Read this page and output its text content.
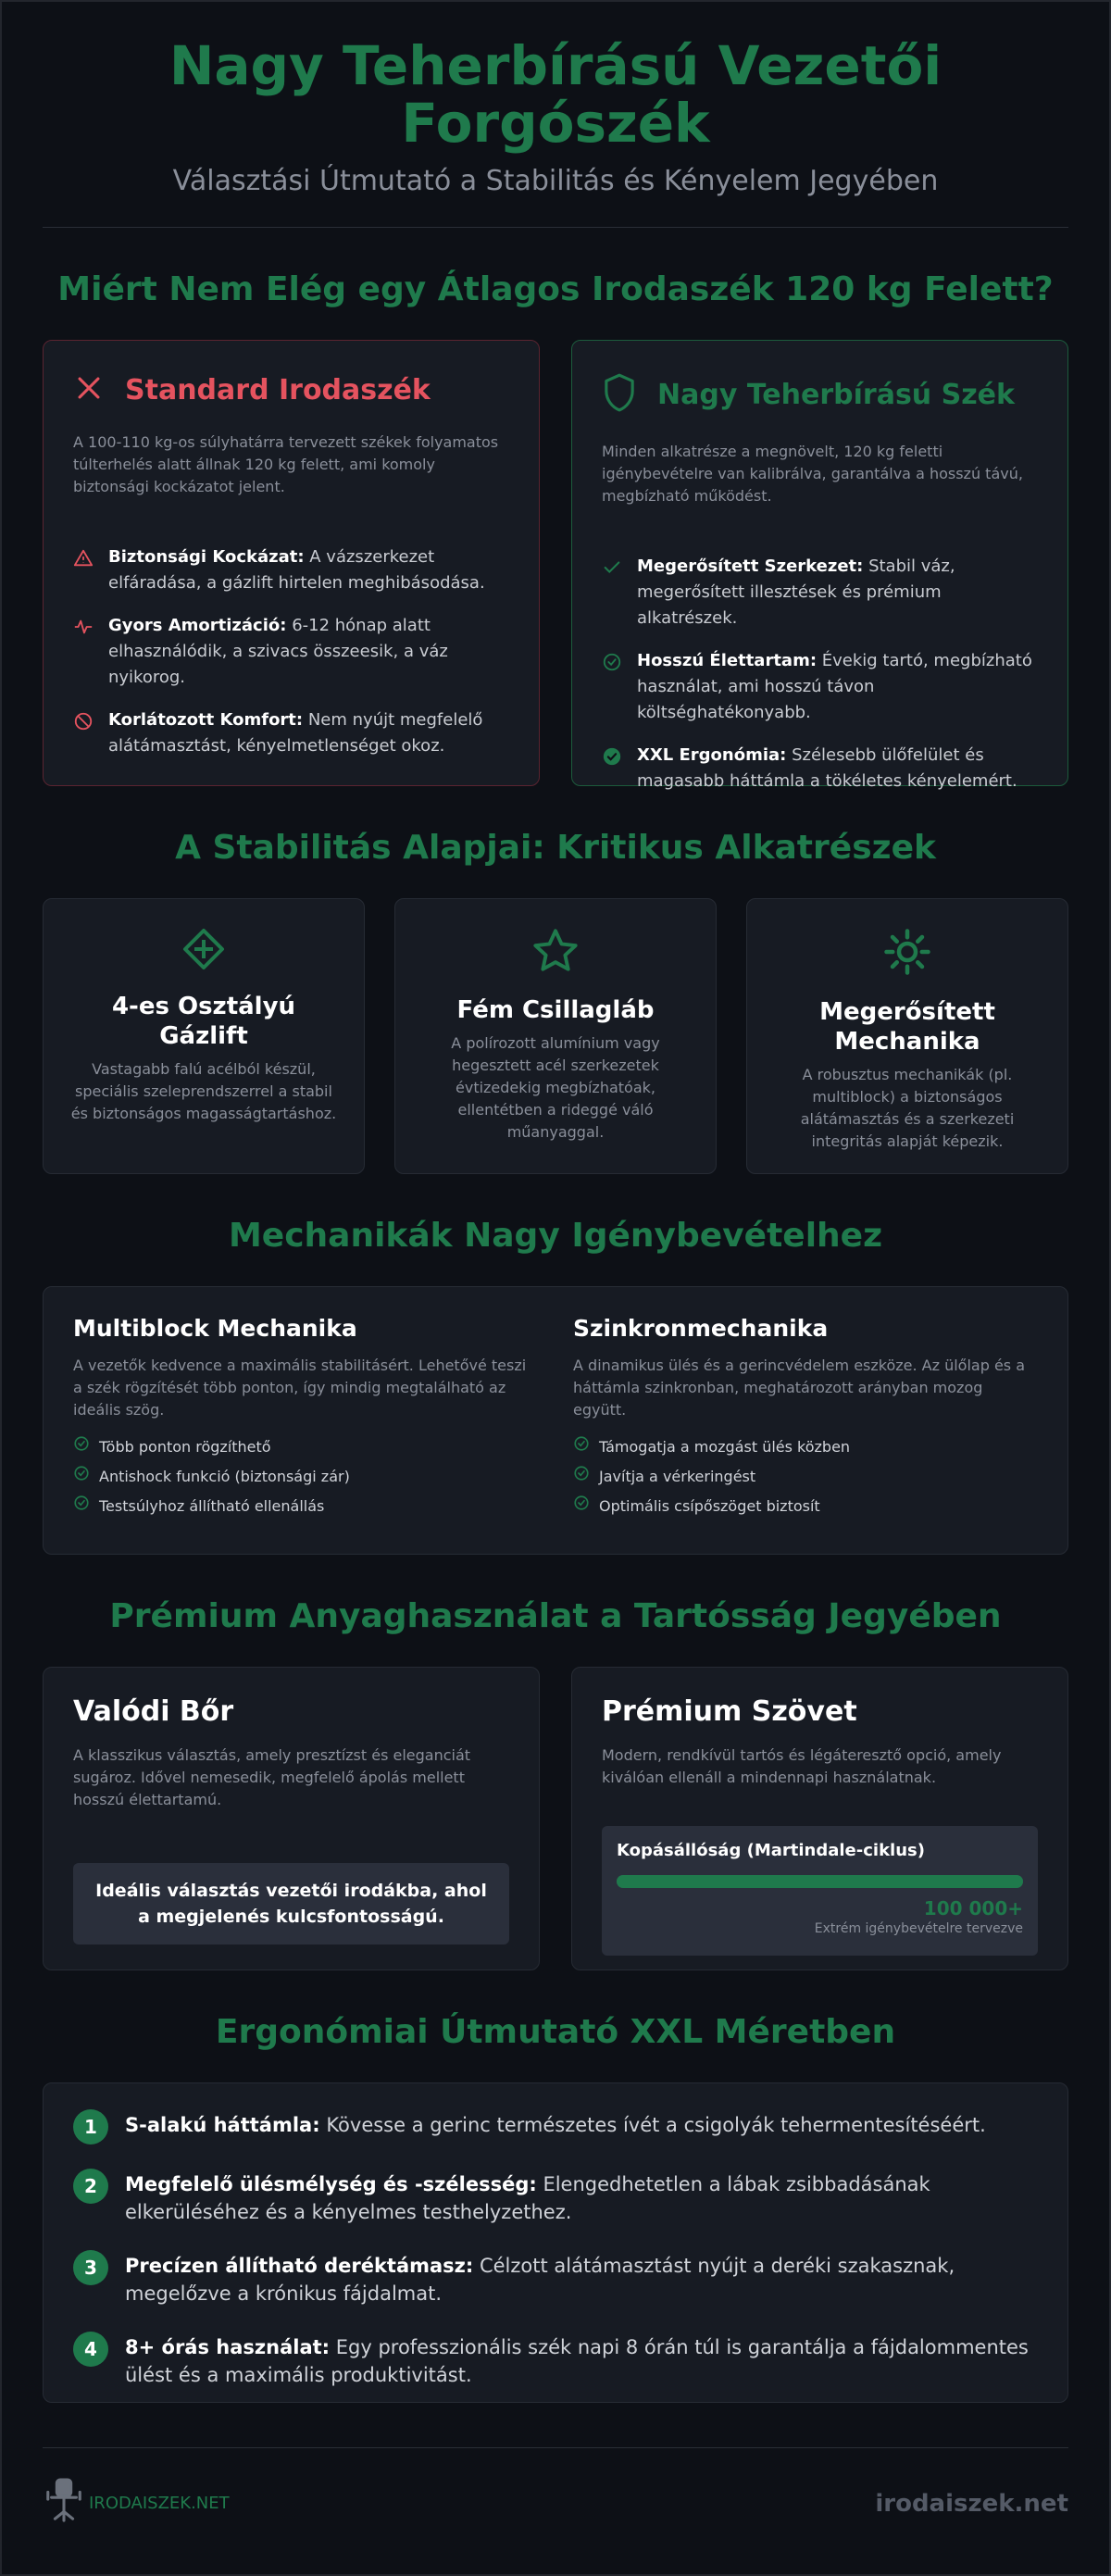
Nagy Teherbírású Vezetői Forgószék
Választási Útmutató a Stabilitás és Kényelem Jegyében
Miért Nem Elég egy Átlagos Irodaszék 120 kg Felett?
Standard Irodaszék

A 100-110 kg-os súlyhatárra tervezett székek folyamatos túlterhelés alatt állnak 120 kg felett, ami komoly biztonsági kockázatot jelent.

Biztonsági Kockázat: A vázszerkezet elfáradása, a gázlift hirtelen meghibásodása.
Gyors Amortizáció: 6-12 hónap alatt elhasználódik, a szivacs összeesik, a váz nyikorog.
Korlátozott Komfort: Nem nyújt megfelelő alátámasztást, kényelmetlenséget okoz.
Nagy Teherbírású Szék

Minden alkatrésze a megnövelt, 120 kg feletti igénybevételre van kalibrálva, garantálva a hosszú távú, megbízható működést.

Megerősített Szerkezet: Stabil váz, megerősített illesztések és prémium alkatrészek.
Hosszú Élettartam: Évekig tartó, megbízható használat, ami hosszú távon költséghatékonyabb.
XXL Ergonómia: Szélesebb ülőfelület és magasabb háttámla a tökéletes kényelemért.
A Stabilitás Alapjai: Kritikus Alkatrészek
4-es Osztályú Gázlift

Vastagabb falú acélból készül, speciális szeleprendszerrel a stabil és biztonságos magasságtartáshoz.

Fém Csillagláb

A polírozott alumínium vagy hegesztett acél szerkezetek évtizedekig megbízhatóak, ellentétben a rideggé váló műanyaggal.

Megerősített Mechanika

A robusztus mechanikák (pl. multiblock) a biztonságos alátámasztás és a szerkezeti integritás alapját képezik.

Mechanikák Nagy Igénybevételhez
Multiblock Mechanika

A vezetők kedvence a maximális stabilitásért. Lehetővé teszi a szék rögzítését több ponton, így mindig megtalálható az ideális szög.

Több ponton rögzíthető
Antishock funkció (biztonsági zár)
Testsúlyhoz állítható ellenállás
Szinkronmechanika

A dinamikus ülés és a gerincvédelem eszköze. Az ülőlap és a háttámla szinkronban, meghatározott arányban mozog együtt.

Támogatja a mozgást ülés közben
Javítja a vérkeringést
Optimális csípőszöget biztosít
Prémium Anyaghasználat a Tartósság Jegyében
Valódi Bőr

A klasszikus választás, amely presztízst és eleganciát sugároz. Idővel nemesedik, megfelelő ápolás mellett hosszú élettartamú.

Ideális választás vezetői irodákba, ahol a megjelenés kulcsfontosságú.
Prémium Szövet

Modern, rendkívül tartós és légáteresztő opció, amely kiválóan ellenáll a mindennapi használatnak.

Kopásállóság (Martindale-ciklus)
100 000+
Extrém igénybevételre tervezve
Ergonómiai Útmutató XXL Méretben
1	S-alakú háttámla: Kövesse a gerinc természetes ívét a csigolyák tehermentesítéséért.
2	Megfelelő ülésmélység és -szélesség: Elengedhetetlen a lábak zsibbadásának elkerüléséhez és a kényelmes testhelyzethez.
3	Precízen állítható deréktámasz: Célzott alátámasztást nyújt a deréki szakasznak, megelőzve a krónikus fájdalmat.
4	8+ órás használat: Egy professzionális szék napi 8 órán túl is garantálja a fájdalommentes ülést és a maximális produktivitást.
IRODAISZEK.NET	irodaiszek.net
